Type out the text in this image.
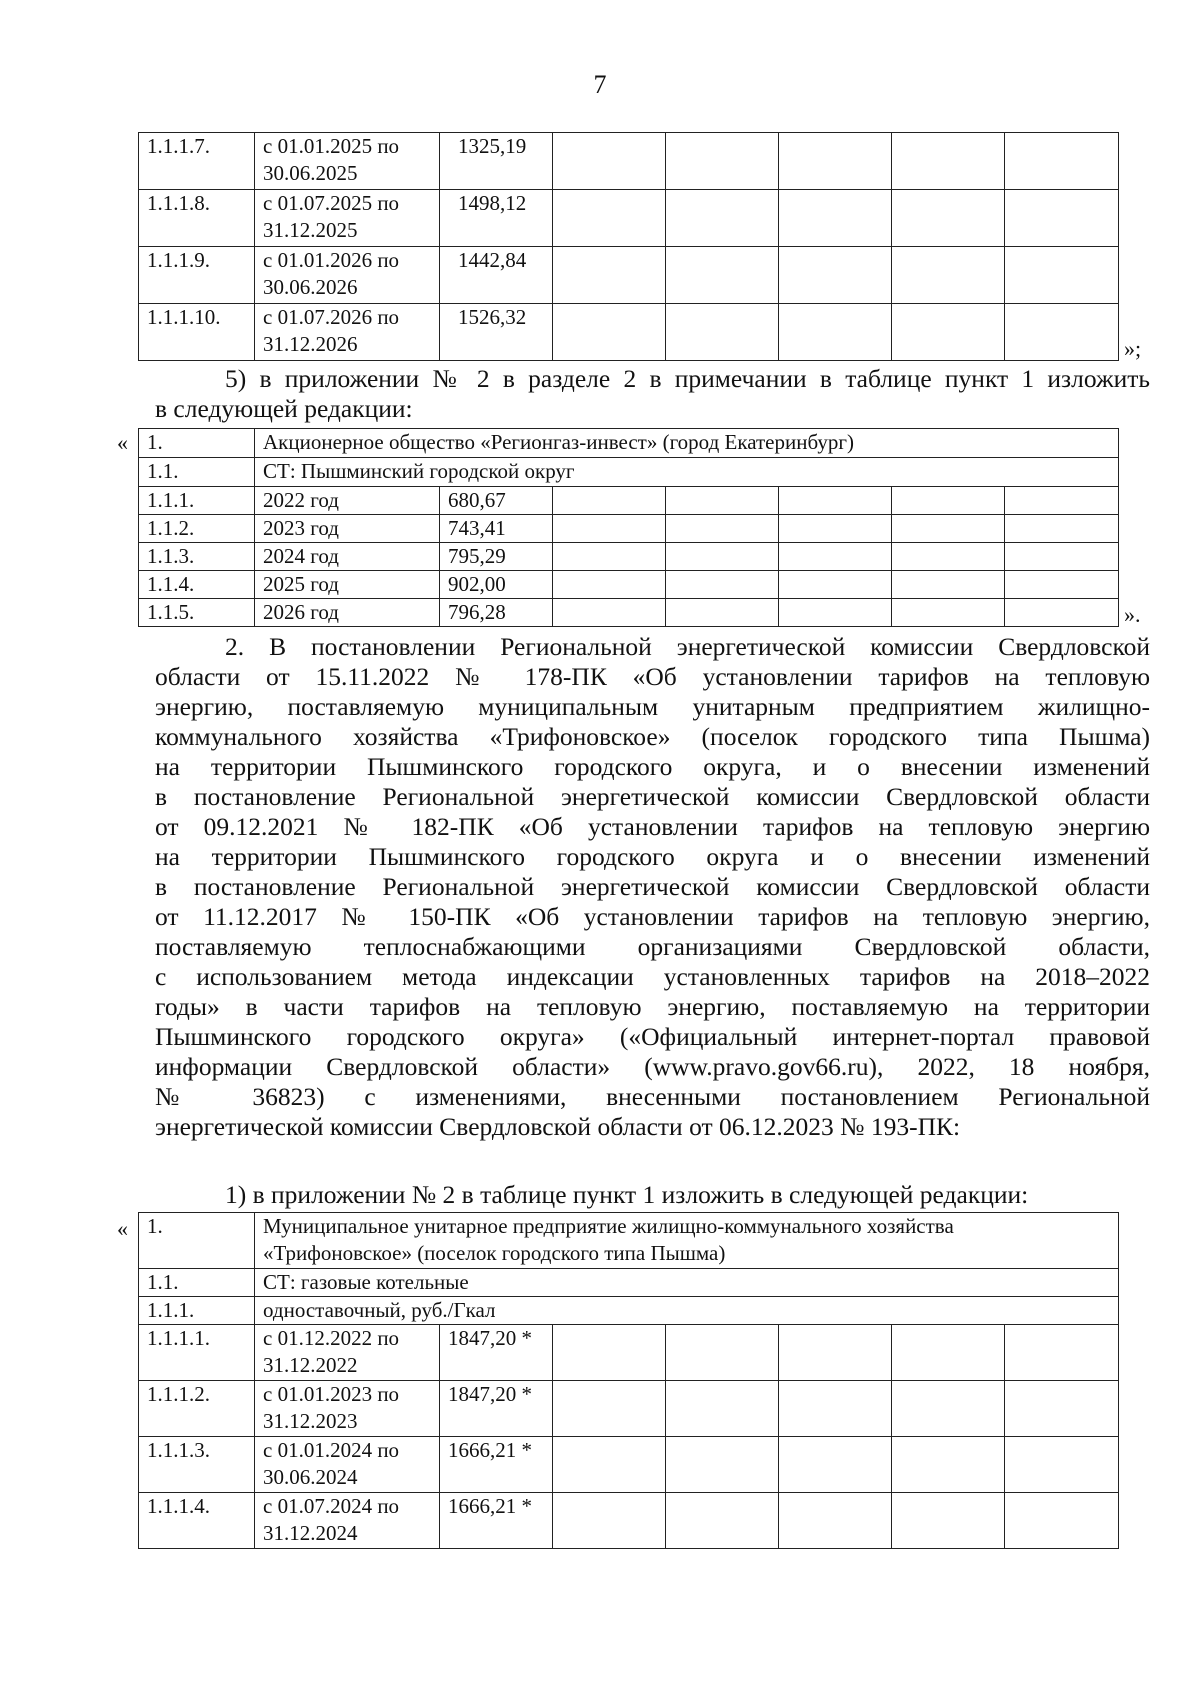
7
1.1.1.7.	с 01.01.2025 по
30.06.2025	1325,19					
1.1.1.8.	с 01.07.2025 по
31.12.2025	1498,12					
1.1.1.9.	с 01.01.2026 по
30.06.2026	1442,84					
1.1.1.10.	с 01.07.2026 по
31.12.2026	1526,32					
»;
5) в приложении № 2 в разделе 2 в примечании в таблице пункт 1 изложить
в следующей редакции:
« 1.	Акционерное общество «Регионгаз-инвест» (город Екатеринбург)						
1.1.	СТ: Пышминский городской округ						
1.1.1.	2022 год	680,67					
1.1.2.	2023 год	743,41					
1.1.3.	2024 год	795,29					
1.1.4.	2025 год	902,00					
1.1.5.	2026 год	796,28						».
2. В постановлении Региональной энергетической комиссии Свердловской
области от 15.11.2022 № 178-ПК «Об установлении тарифов на тепловую
энергию, поставляемую муниципальным унитарным предприятием жилищно-
коммунального хозяйства «Трифоновское» (поселок городского типа Пышма)
на территории Пышминского городского округа, и о внесении изменений
в постановление Региональной энергетической комиссии Свердловской области
от 09.12.2021 № 182-ПК «Об установлении тарифов на тепловую энергию
на территории Пышминского городского округа и о внесении изменений
в постановление Региональной энергетической комиссии Свердловской области
от 11.12.2017 № 150-ПК «Об установлении тарифов на тепловую энергию,
поставляемую теплоснабжающими организациями Свердловской области,
с использованием метода индексации установленных тарифов на 2018–2022
годы» в части тарифов на тепловую энергию, поставляемую на территории
Пышминского городского округа» («Официальный интернет-портал правовой
информации Свердловской области» (www.pravo.gov66.ru), 2022, 18 ноября,
№ 36823) с изменениями, внесенными постановлением Региональной
энергетической комиссии Свердловской области от 06.12.2023 № 193-ПК:
1) в приложении № 2 в таблице пункт 1 изложить в следующей редакции:
« 1.	Муниципальное унитарное предприятие жилищно-коммунального хозяйства
«Трифоновское» (поселок городского типа Пышма)						
1.1.	СТ: газовые котельные						
1.1.1.	одноставочный, руб./Гкал						
1.1.1.1.	с 01.12.2022 по
31.12.2022	1847,20 *					
1.1.1.2.	с 01.01.2023 по
31.12.2023	1847,20 *					
1.1.1.3.	с 01.01.2024 по
30.06.2024	1666,21 *					
1.1.1.4.	с 01.07.2024 по
31.12.2024	1666,21 *					
